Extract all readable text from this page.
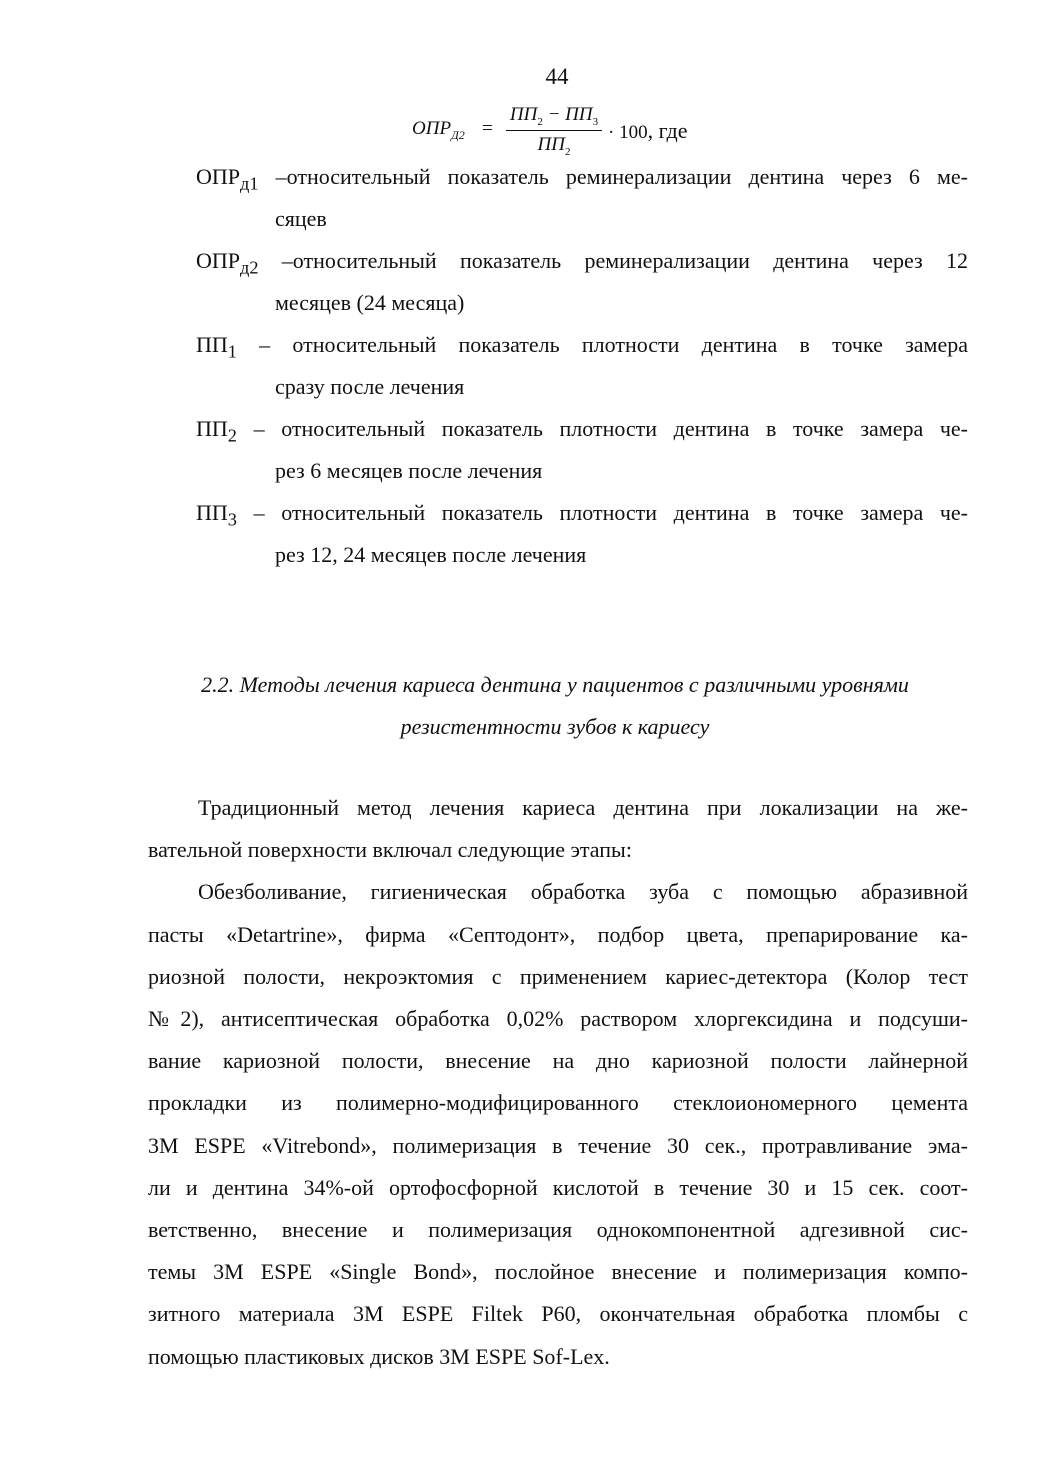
44
$ОПР_{Д2}$ =
$ПП_2 - ПП_3$
$ПП_2$
· 100, где
$ОПР_{д1}$ –относительный показатель реминерализации дентина через 6 ме-
сяцев
$ОПР_{д2}$ –относительный показатель реминерализации дентина через 12
месяцев (24 месяца)
$ПП_1$ – относительный показатель плотности дентина в точке замера
сразу после лечения
$ПП_2$ – относительный показатель плотности дентина в точке замера че-
рез 6 месяцев после лечения
$ПП_3$ – относительный показатель плотности дентина в точке замера че-
рез 12, 24 месяцев после лечения
2.2. Методы лечения кариеса дентина у пациентов с различными уровнями
резистентности зубов к кариесу

Традиционный метод лечения кариеса дентина при локализации на же-
вательной поверхности включал следующие этапы:

Обезболивание, гигиеническая обработка зуба с помощью абразивной
пасты «Detartrine», фирма «Септодонт», подбор цвета, препарирование ка-
риозной полости, некроэктомия с применением кариес-детектора (Колор тест
№2), антисептическая обработка 0,02% раствором хлоргексидина и подсуши-
вание кариозной полости, внесение на дно кариозной полости лайнерной
прокладки из полимерно-модифицированного стеклоиономерного цемента
3M ESPE «Vitrebond», полимеризация в течение 30 сек., протравливание эма-
ли и дентина 34%-ой ортофосфорной кислотой в течение 30 и 15 сек. соот-
ветственно, внесение и полимеризация однокомпонентной адгезивной сис-
темы 3M ESPE «Single Bond», послойное внесение и полимеризация компо-
зитного материала 3M ESPE Filtek P60, окончательная обработка пломбы с
помощью пластиковых дисков 3M ESPE Sof-Lex.
